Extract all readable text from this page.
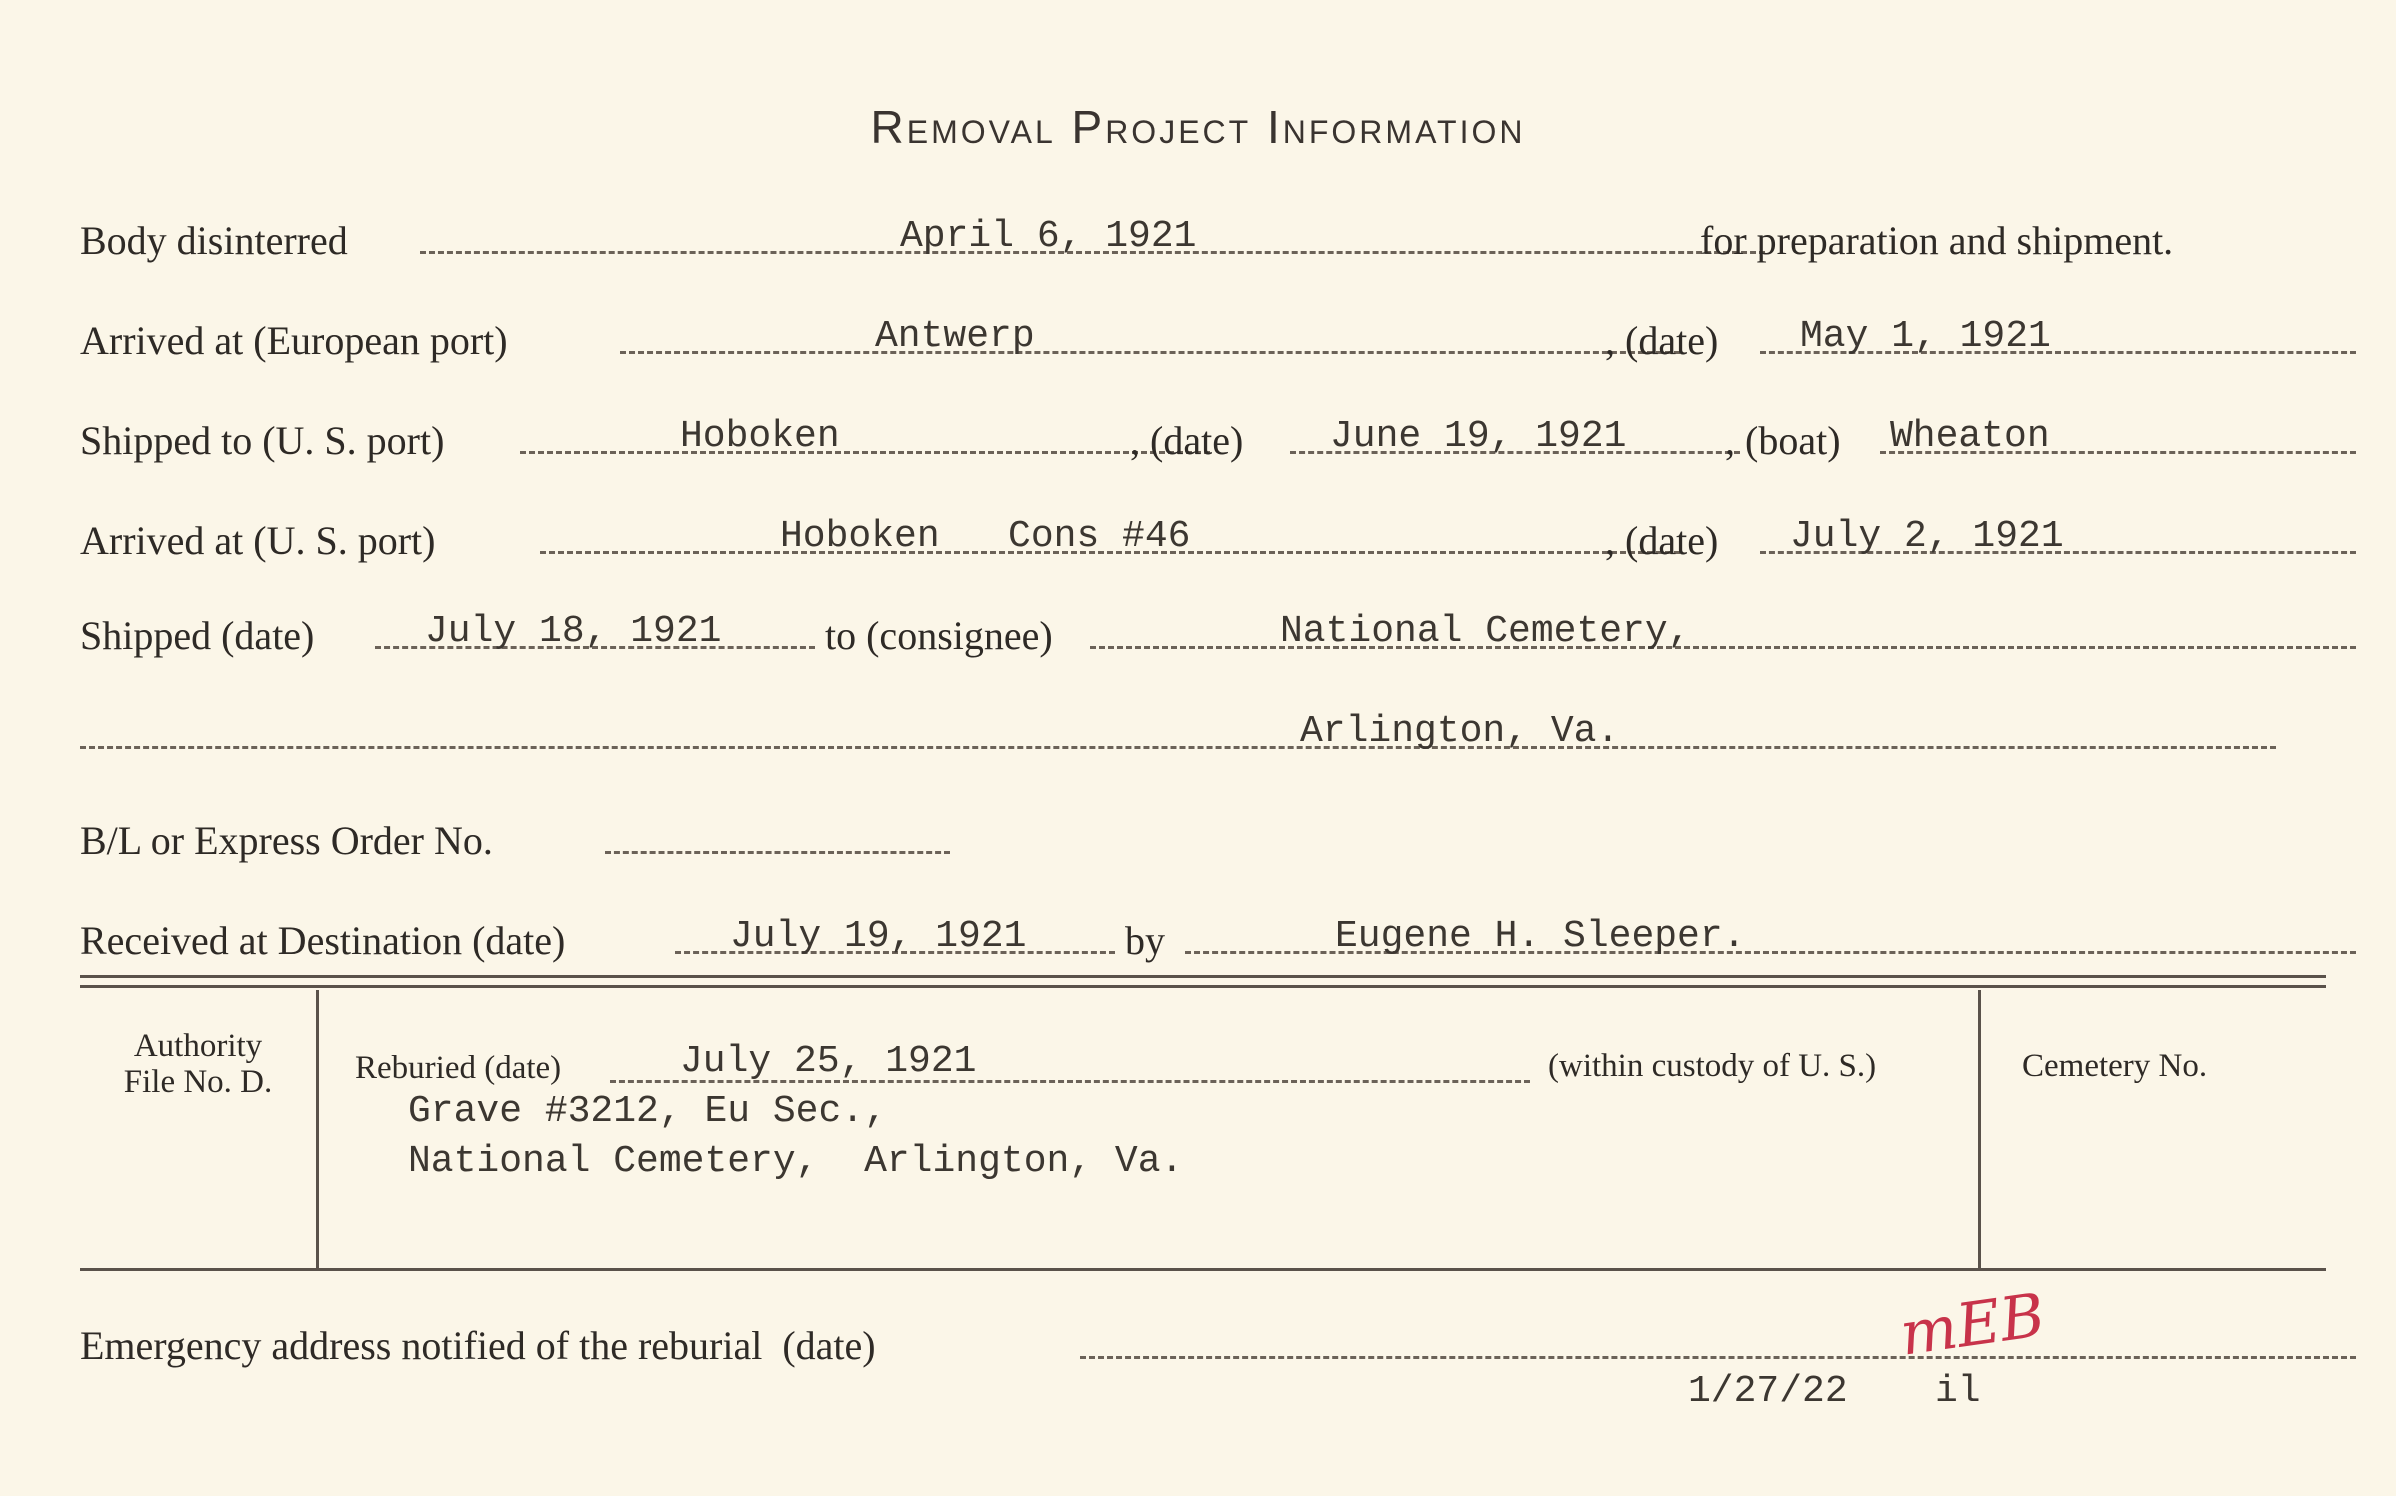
Removal Project Information
Body disinterred	April 6, 1921	for preparation and shipment.
Arrived at (European port)	Antwerp	, (date) May 1, 1921
Shipped to (U. S. port)	Hoboken	, (date) June 19, 1921 , (boat) Wheaton
Arrived at (U. S. port)	Hoboken   Cons #46	, (date) July 2, 1921
Shipped (date)	July 18, 1921	to (consignee)	National Cemetery,
Arlington, Va.
B/L or Express Order No.
Received at Destination (date)	July 19, 1921 by	Eugene H. Sleeper.
Authority
File No. D.	Reburied (date)	July 25, 1921	(within custody of U. S.)
Grave #3212, Eu Sec.,
National Cemetery,  Arlington, Va.
Cemetery No.
Emergency address notified of the reburial  (date)	mEB
1/27/22 il
